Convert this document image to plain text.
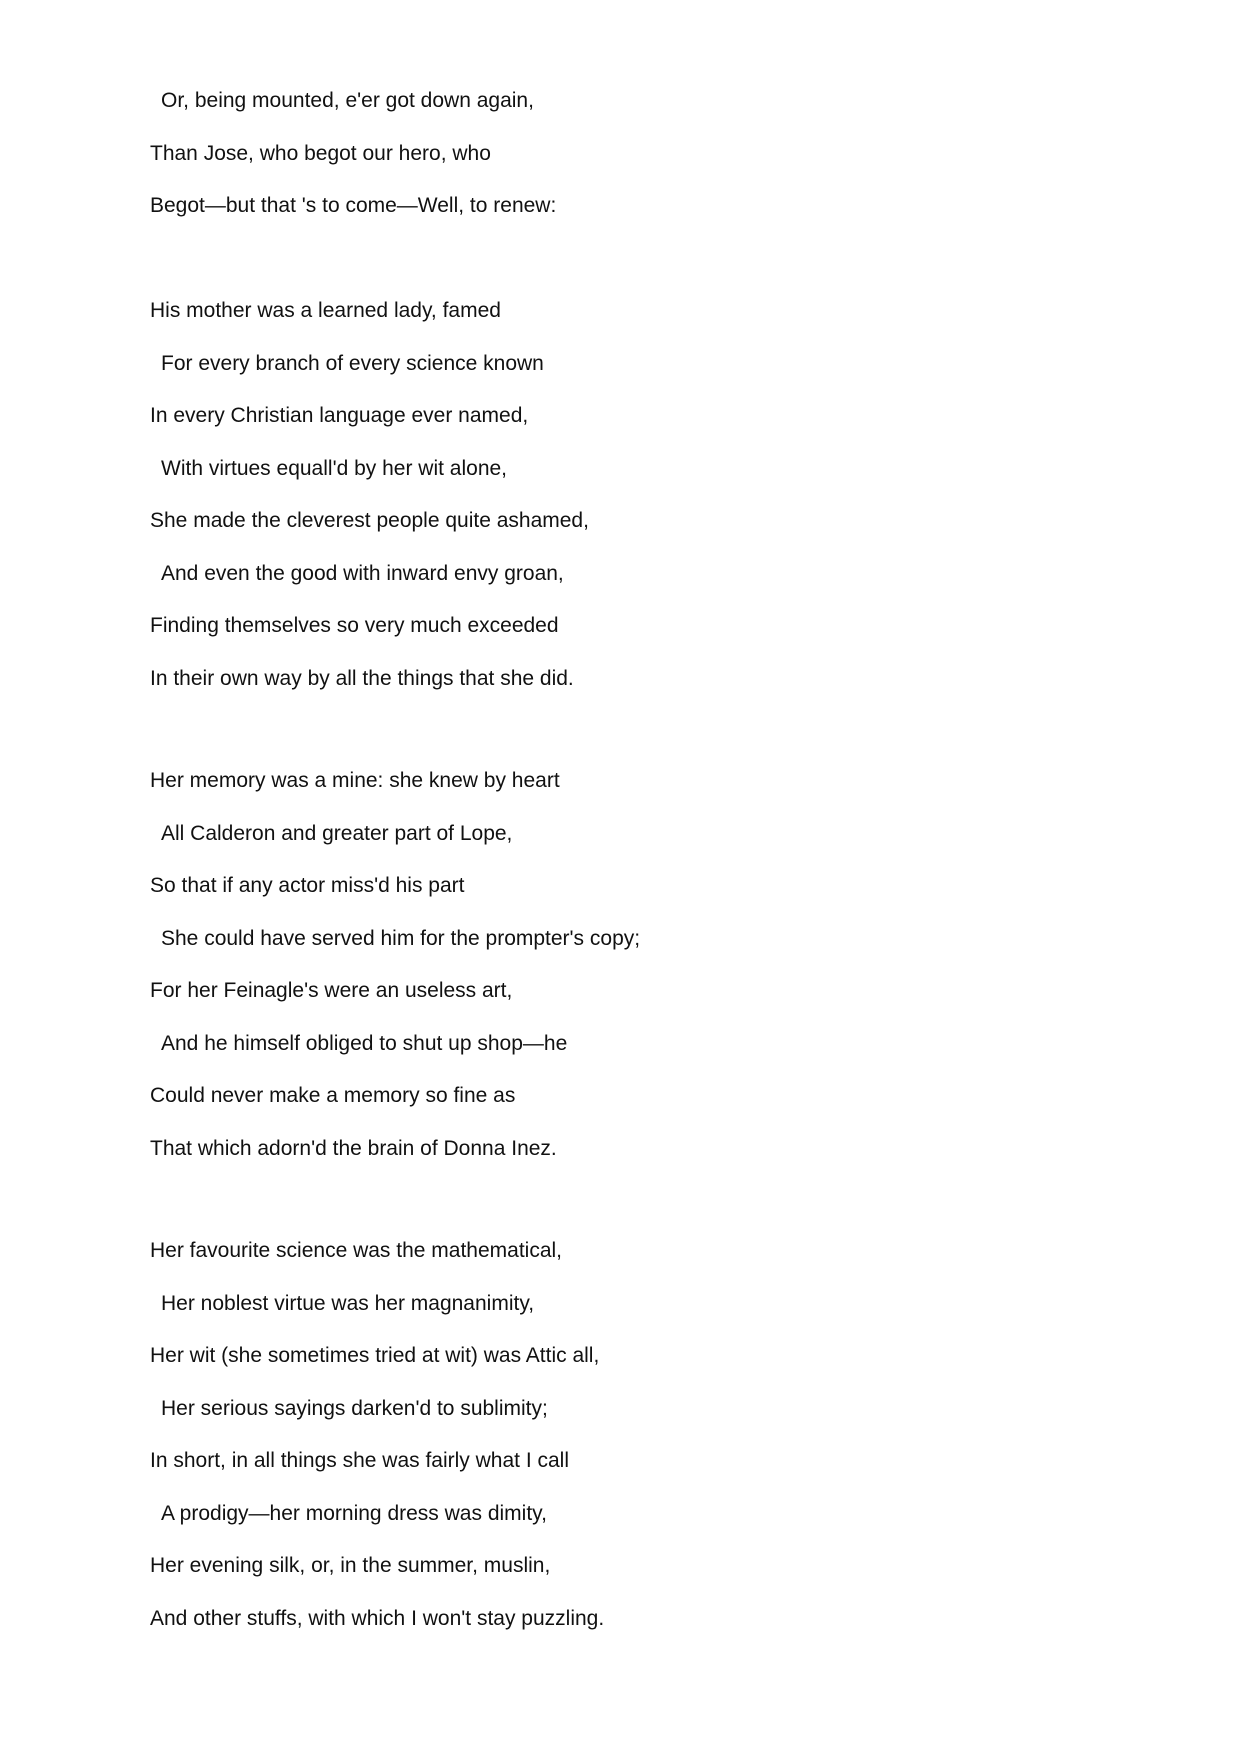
Or, being mounted, e'er got down again,
Than Jose, who begot our hero, who
Begot—but that 's to come—Well, to renew:
His mother was a learned lady, famed
For every branch of every science known
In every Christian language ever named,
With virtues equall'd by her wit alone,
She made the cleverest people quite ashamed,
And even the good with inward envy groan,
Finding themselves so very much exceeded
In their own way by all the things that she did.
Her memory was a mine: she knew by heart
All Calderon and greater part of Lope,
So that if any actor miss'd his part
She could have served him for the prompter's copy;
For her Feinagle's were an useless art,
And he himself obliged to shut up shop—he
Could never make a memory so fine as
That which adorn'd the brain of Donna Inez.
Her favourite science was the mathematical,
Her noblest virtue was her magnanimity,
Her wit (she sometimes tried at wit) was Attic all,
Her serious sayings darken'd to sublimity;
In short, in all things she was fairly what I call
A prodigy—her morning dress was dimity,
Her evening silk, or, in the summer, muslin,
And other stuffs, with which I won't stay puzzling.
